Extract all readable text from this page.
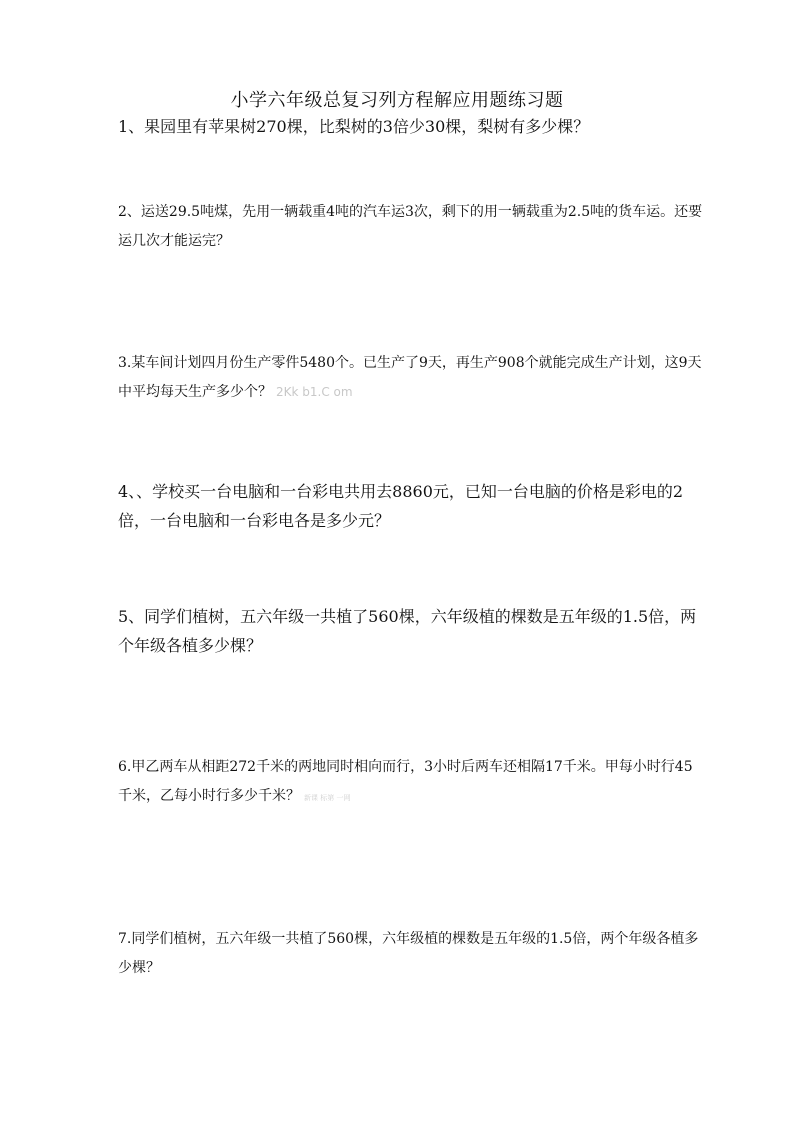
小学六年级总复习列方程解应用题练习题
1、果园里有苹果树270棵，比梨树的3倍少30棵，梨树有多少棵？
2、运送29.5吨煤，先用一辆载重4吨的汽车运3次，剩下的用一辆载重为2.5吨的货车运。还要运几次才能运完？
3.某车间计划四月份生产零件5480个。已生产了9天，再生产908个就能完成生产计划，这9天中平均每天生产多少个？ 2Kk b1.C om
4、、学校买一台电脑和一台彩电共用去8860元，已知一台电脑的价格是彩电的2倍，一台电脑和一台彩电各是多少元？
5、同学们植树，五六年级一共植了560棵，六年级植的棵数是五年级的1.5倍，两个年级各植多少棵？
6.甲乙两车从相距272千米的两地同时相向而行，3小时后两车还相隔17千米。甲每小时行45千米，乙每小时行多少千米？ 新课 标第 一网
7.同学们植树，五六年级一共植了560棵，六年级植的棵数是五年级的1.5倍，两个年级各植多少棵？
